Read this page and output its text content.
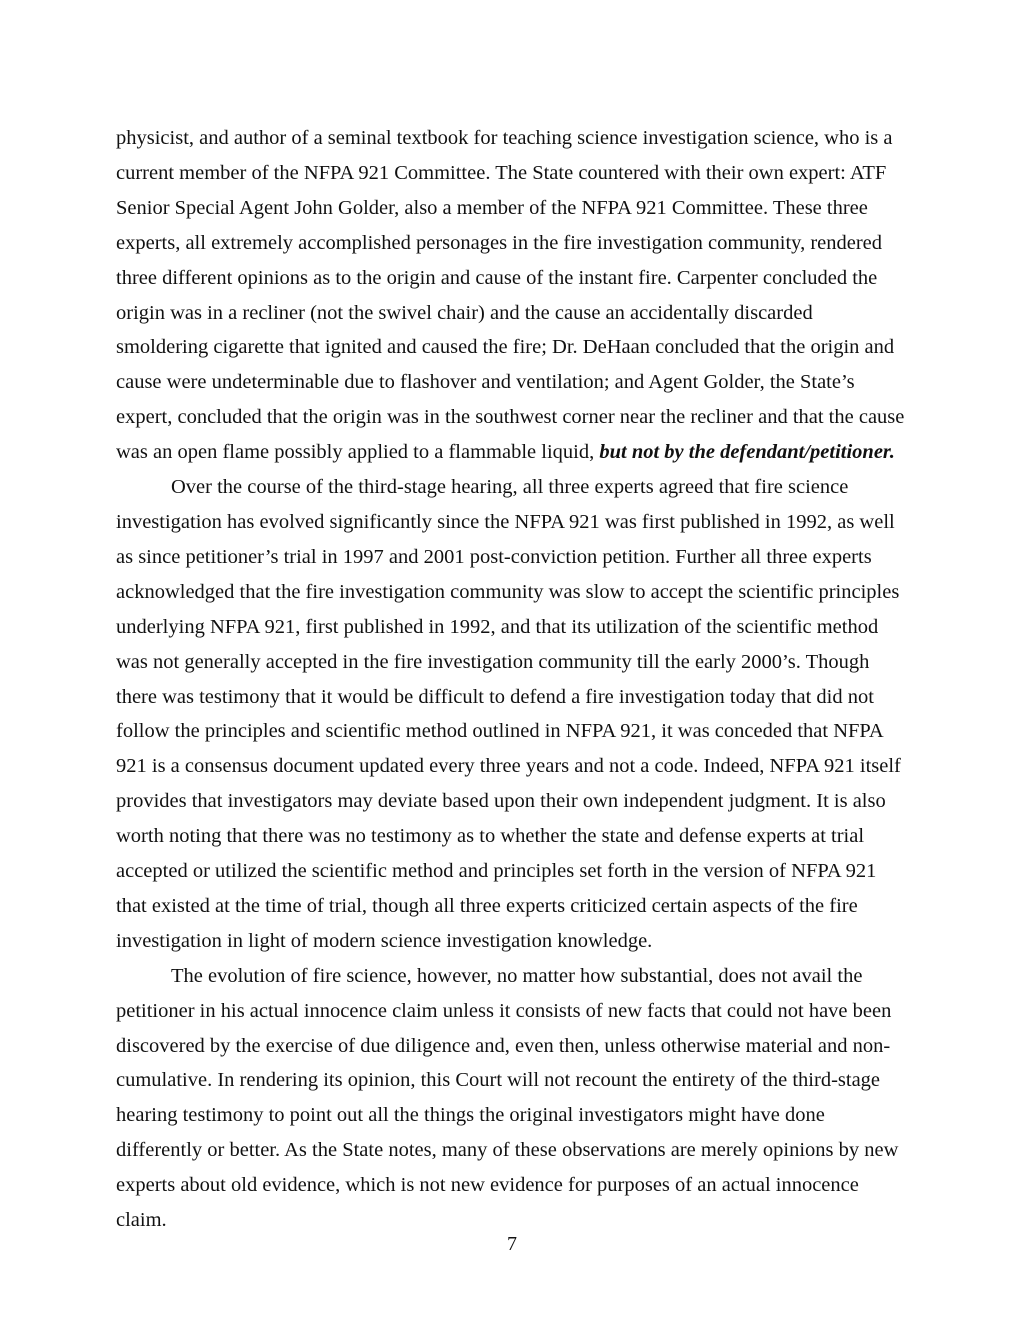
physicist, and author of a seminal textbook for teaching science investigation science, who is a current member of the NFPA 921 Committee. The State countered with their own expert: ATF Senior Special Agent John Golder, also a member of the NFPA 921 Committee. These three experts, all extremely accomplished personages in the fire investigation community, rendered three different opinions as to the origin and cause of the instant fire. Carpenter concluded the origin was in a recliner (not the swivel chair) and the cause an accidentally discarded smoldering cigarette that ignited and caused the fire; Dr. DeHaan concluded that the origin and cause were undeterminable due to flashover and ventilation; and Agent Golder, the State’s expert, concluded that the origin was in the southwest corner near the recliner and that the cause was an open flame possibly applied to a flammable liquid, but not by the defendant/petitioner.

Over the course of the third-stage hearing, all three experts agreed that fire science investigation has evolved significantly since the NFPA 921 was first published in 1992, as well as since petitioner’s trial in 1997 and 2001 post-conviction petition. Further all three experts acknowledged that the fire investigation community was slow to accept the scientific principles underlying NFPA 921, first published in 1992, and that its utilization of the scientific method was not generally accepted in the fire investigation community till the early 2000’s. Though there was testimony that it would be difficult to defend a fire investigation today that did not follow the principles and scientific method outlined in NFPA 921, it was conceded that NFPA 921 is a consensus document updated every three years and not a code. Indeed, NFPA 921 itself provides that investigators may deviate based upon their own independent judgment. It is also worth noting that there was no testimony as to whether the state and defense experts at trial accepted or utilized the scientific method and principles set forth in the version of NFPA 921 that existed at the time of trial, though all three experts criticized certain aspects of the fire investigation in light of modern science investigation knowledge.

The evolution of fire science, however, no matter how substantial, does not avail the petitioner in his actual innocence claim unless it consists of new facts that could not have been discovered by the exercise of due diligence and, even then, unless otherwise material and non-cumulative. In rendering its opinion, this Court will not recount the entirety of the third-stage hearing testimony to point out all the things the original investigators might have done differently or better. As the State notes, many of these observations are merely opinions by new experts about old evidence, which is not new evidence for purposes of an actual innocence claim.

7
